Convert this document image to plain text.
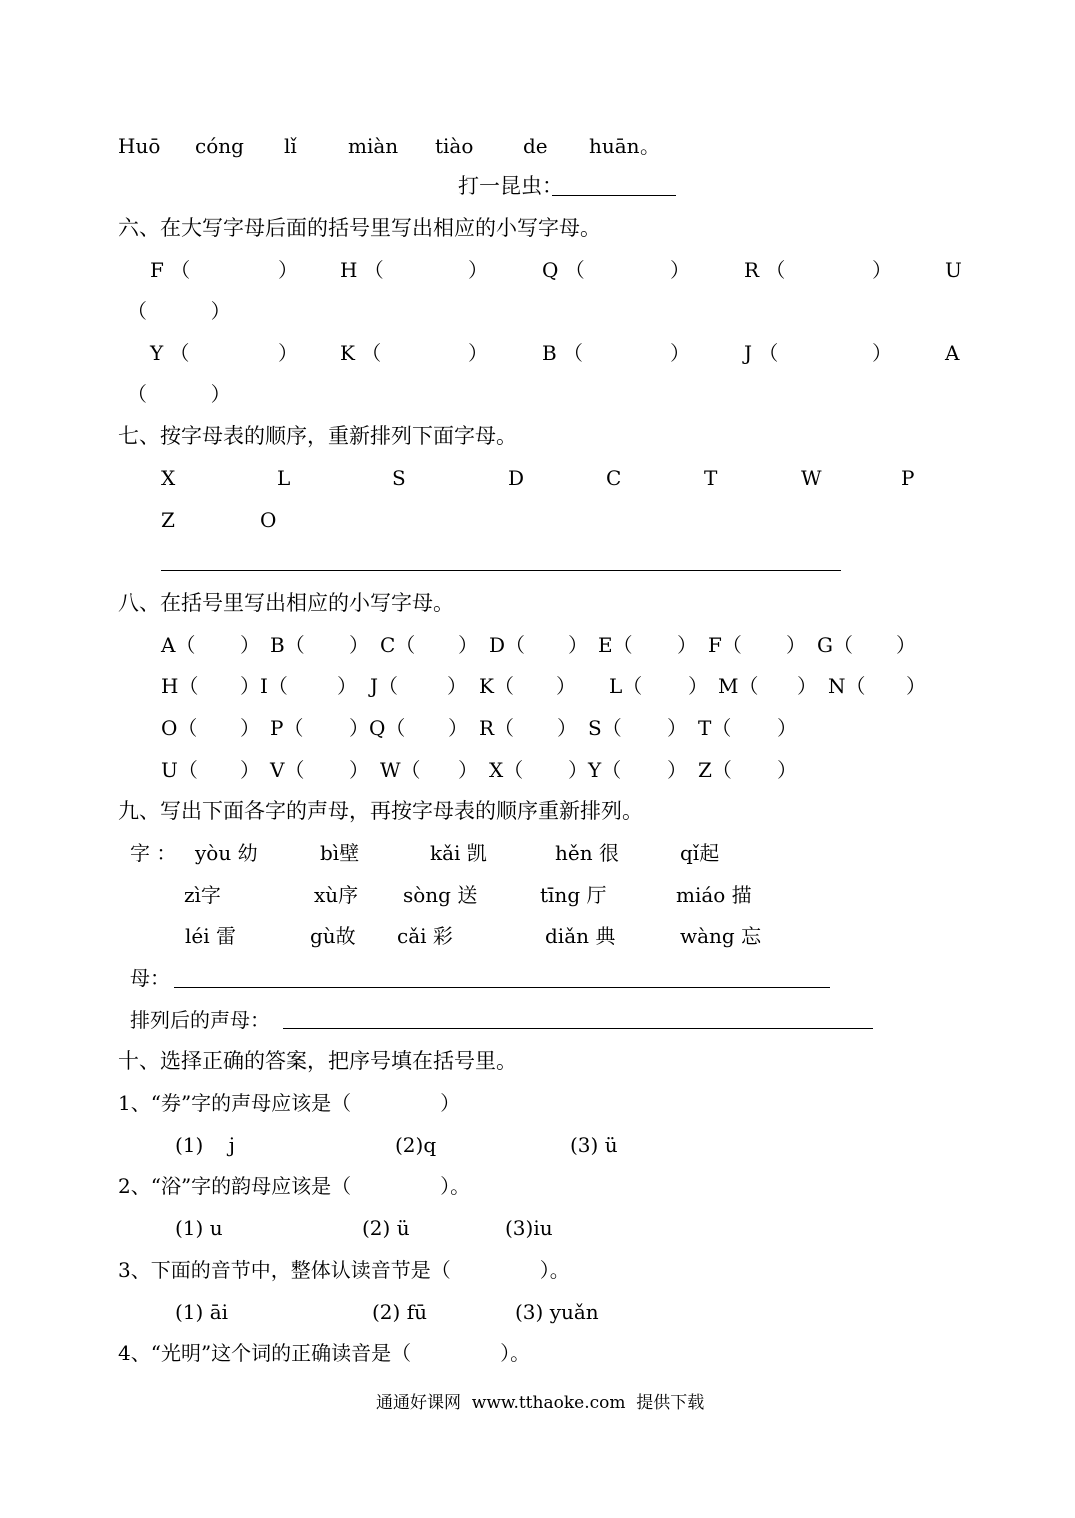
Huō cóng lǐ	miàn tiào de huān 。
打一昆虫：
六、在大写字母后面的括号里写出相应的小写字母。
F （	） H （	）	Q （	）	R （	）	U
（          ）
Y （	） K （	）	B （	）	J （	）	A
（          ）
七、按字母表的顺序，重新排列下面字母。
X	L	S	D	C	T	W	P
Z	O
八、在括号里写出相应的小写字母。
A（ ） B（ ） C（ ） D（ ） E（ ） F（ ） G（ ）
H（ ）I（ ） J（ ） K（ ） L（ ） M（ ） N（ ）
O（ ） P（ ）Q（ ） R（ ） S（ ） T（ ）
U（ ） V（ ） W（ ） X（ ）Y（ ） Z（ ）
九、写出下面各字的声母，再按字母表的顺序重新排列。
字 ： yòu 幼	bì壁	kǎi 凯	hěn 很	qǐ起
zì字	xù序 sòng 送	tīng 厅	miáo 描
léi 雷	gù故 cǎi 彩	diǎn 典	wàng 忘
母：
排列后的声母：
十、选择正确的答案，把序号填在括号里。
1、“券”字的声母应该是（              ）
(1)    j	(2)q	(3) ü
2、“浴”字的韵母应该是（              ）。
(1) u	(2) ü	(3)iu
3、下面的音节中，整体认读音节是（              ）。
(1) āi	(2) fū	(3) yuǎn
4、“光明”这个词的正确读音是（              ）。
通通好课网  www.tthaoke.com  提供下载
